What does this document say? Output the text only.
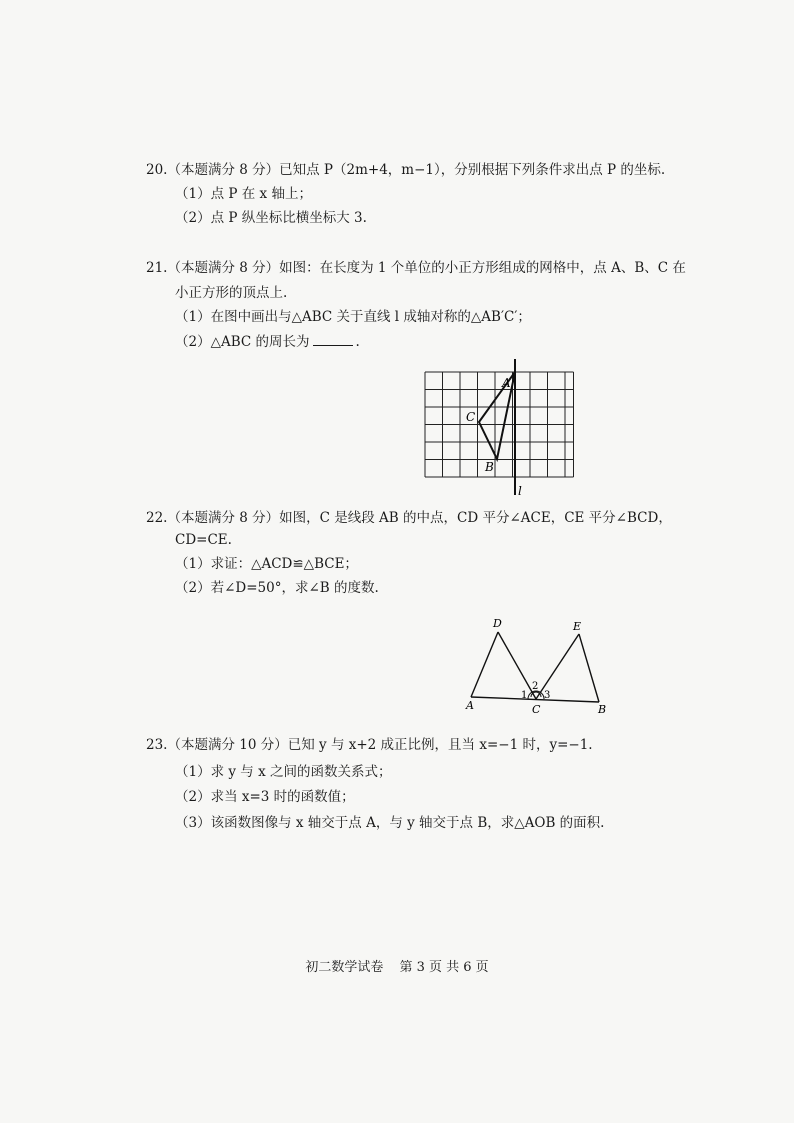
20.（本题满分 8 分）已知点 P（2m+4，m−1），分别根据下列条件求出点 P 的坐标.
（1）点 P 在 x 轴上；
（2）点 P 纵坐标比横坐标大 3.
21.（本题满分 8 分）如图：在长度为 1 个单位的小正方形组成的网格中，点 A、B、C 在
小正方形的顶点上.
（1）在图中画出与△ABC 关于直线 l 成轴对称的△AB′C′；
（2）△ABC 的周长为	.
A
C
B
l
22.（本题满分 8 分）如图，C 是线段 AB 的中点，CD 平分∠ACE，CE 平分∠BCD，
CD=CE.
（1）求证：△ACD≌△BCE；
（2）若∠D=50°，求∠B 的度数.
D	E
A	C	B
1
2
3
23.（本题满分 10 分）已知 y 与 x+2 成正比例，且当 x=−1 时，y=−1.
（1）求 y 与 x 之间的函数关系式；
（2）求当 x=3 时的函数值；
（3）该函数图像与 x 轴交于点 A，与 y 轴交于点 B，求△AOB 的面积.
初二数学试卷 第 3 页 共 6 页
